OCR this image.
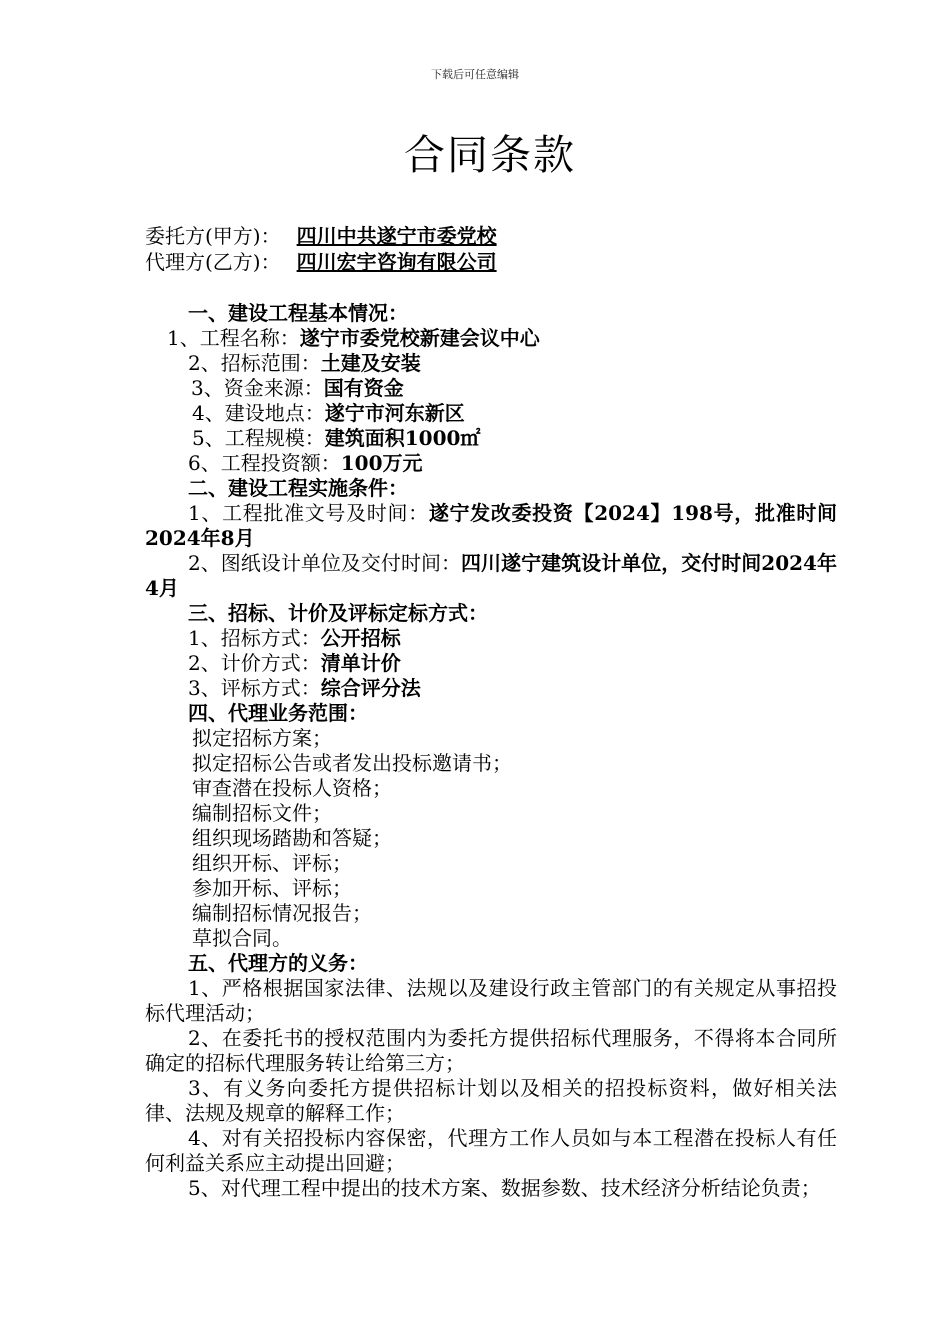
下载后可任意编辑
合同条款
委托方(甲方)： 四川中共遂宁市委党校
代理方(乙方)： 四川宏宇咨询有限公司
一、建设工程基本情况：
1、工程名称：遂宁市委党校新建会议中心
2、招标范围：土建及安装
3、资金来源：国有资金
4、建设地点：遂宁市河东新区
5、工程规模：建筑面积1000㎡
6、工程投资额：100万元
二、建设工程实施条件：
1、工程批准文号及时间：遂宁发改委投资【2024】198号，批准时间2024年8月
2、图纸设计单位及交付时间：四川遂宁建筑设计单位，交付时间2024年4月
三、招标、计价及评标定标方式：
1、招标方式：公开招标
2、计价方式：清单计价
3、评标方式：综合评分法
四、代理业务范围：
拟定招标方案；
拟定招标公告或者发出投标邀请书；
审查潜在投标人资格；
编制招标文件；
组织现场踏勘和答疑；
组织开标、评标；
参加开标、评标；
编制招标情况报告；
草拟合同。
五、代理方的义务：
1、严格根据国家法律、法规以及建设行政主管部门的有关规定从事招投标代理活动；
2、在委托书的授权范围内为委托方提供招标代理服务，不得将本合同所确定的招标代理服务转让给第三方；
3、有义务向委托方提供招标计划以及相关的招投标资料，做好相关法律、法规及规章的解释工作；
4、对有关招投标内容保密，代理方工作人员如与本工程潜在投标人有任何利益关系应主动提出回避；
5、对代理工程中提出的技术方案、数据参数、技术经济分析结论负责；
